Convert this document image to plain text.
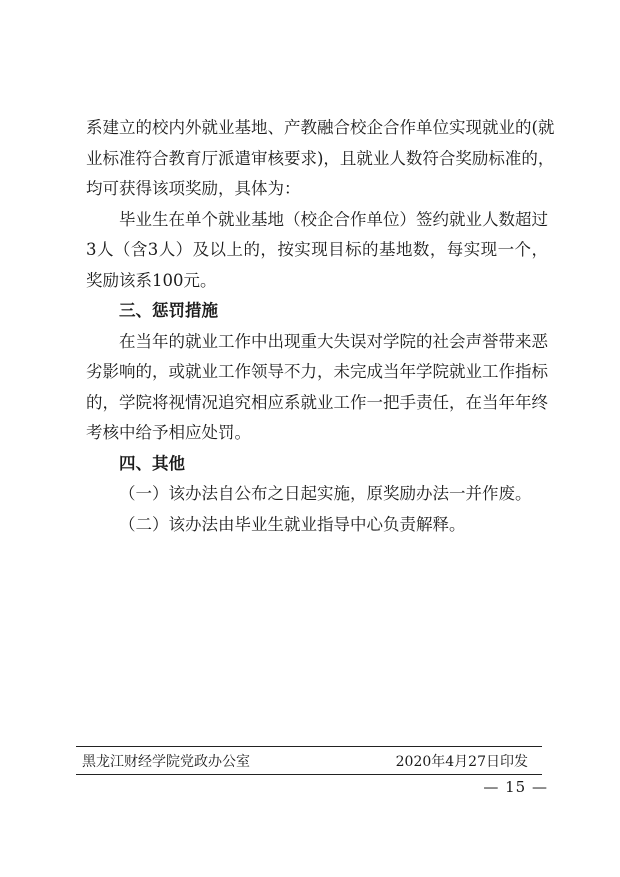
系建立的校内外就业基地、产教融合校企合作单位实现就业的(就
业标准符合教育厅派遣审核要求)，且就业人数符合奖励标准的，
均可获得该项奖励，具体为：
毕业生在单个就业基地（校企合作单位）签约就业人数超过
3人（含3人）及以上的，按实现目标的基地数，每实现一个，
奖励该系100元。
三、惩罚措施
在当年的就业工作中出现重大失误对学院的社会声誉带来恶
劣影响的，或就业工作领导不力，未完成当年学院就业工作指标
的，学院将视情况追究相应系就业工作一把手责任，在当年年终
考核中给予相应处罚。
四、其他
（一）该办法自公布之日起实施，原奖励办法一并作废。
（二）该办法由毕业生就业指导中心负责解释。
黑龙江财经学院党政办公室	2020年4月27日印发
— 15 —
